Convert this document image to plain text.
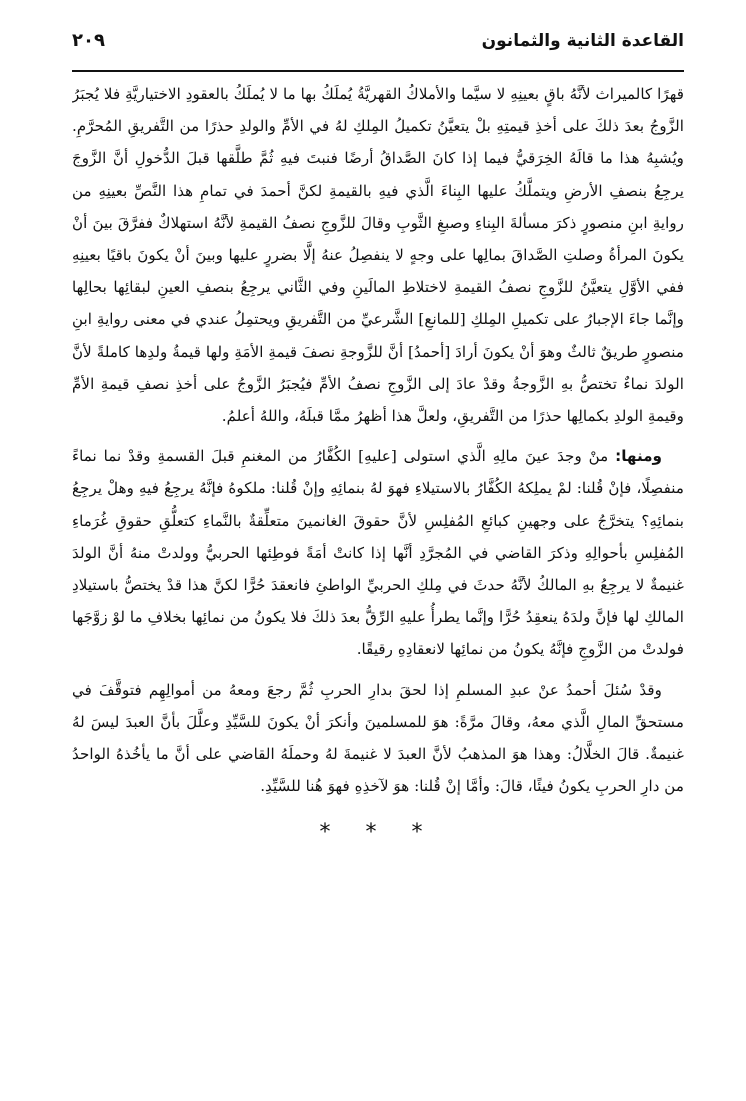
القاعدة الثانية والثمانون
٢٠٩

قهرًا كالميراث لأنَّهُ باقٍ بعينِهِ لا سيَّما والأملاكُ القهريَّةُ يُملَكُ بها ما لا يُملَكُ بالعقودِ الاختياريَّةِ فلا يُجبَرُ الزَّوجُ بعدَ ذلكَ على أخذِ قيمتِهِ بلْ يتعيَّنُ تكميلُ المِلكِ لهُ في الأمِّ والولدِ حذرًا من التَّفريقِ المُحرَّمِ. ويُشبِهُ هذا ما قالَهُ الخِرَقيُّ فيما إذا كانَ الصَّداقُ أرضًا فنبتَ فيهِ ثُمَّ طلَّقها قبلَ الدُّخولِ أنَّ الزَّوجَ يرجِعُ بنصفِ الأرضِ ويتملَّكُ عليها البِناءَ الَّذي فيهِ بالقيمةِ لكنَّ أحمدَ في تمامِ هذا النَّصِّ بعينِهِ من روايةِ ابنِ منصورٍ ذكرَ مسألةَ البِناءِ وصبغِ الثَّوبِ وقالَ للزَّوجِ نصفُ القيمةِ لأنَّهُ استهلاكٌ ففرَّقَ بينَ أنْ يكونَ المرأةُ وصلتِ الصَّداقَ بمالِها على وجهٍ لا ينفصِلُ عنهُ إلَّا بضررٍ عليها وبينَ أنْ يكونَ باقيًا بعينِهِ ففي الأوَّلِ يتعيَّنُ للزَّوجِ نصفُ القيمةِ لاختلاطِ المالَينِ وفي الثَّاني يرجِعُ بنصفِ العينِ لبقائِها بحالِها وإنَّما جاءَ الإجبارُ على تكميلِ المِلكِ [للمانعِ] الشَّرعيِّ من التَّفريقِ ويحتمِلُ عندي في معنى روايةِ ابنِ منصورٍ طريقٌ ثالثٌ وهوَ أنْ يكونَ أرادَ [أحمدُ] أنَّ للزَّوجةِ نصفَ قيمةِ الأمَةِ ولها قيمةُ ولدِها كاملةً لأنَّ الولدَ نماءٌ تختصُّ بهِ الزَّوجةُ وقدْ عادَ إلى الزَّوجِ نصفُ الأمِّ فيُجبَرُ الزَّوجُ على أخذِ نصفِ قيمةِ الأمِّ وقيمةِ الولدِ بكمالِها حذرًا من التَّفريقِ، ولعلَّ هذا أظهرُ ممَّا قبلَهُ، واللهُ أعلمُ.

ومنها: منْ وجدَ عينَ مالِهِ الَّذي استولى [عليهِ] الكُفَّارُ من المغنمِ قبلَ القسمةِ وقدْ نما نماءً منفصِلًا، فإنْ قُلنا: لمْ يملِكهُ الكُفَّارُ بالاستيلاءِ فهوَ لهُ بنمائِهِ وإنْ قُلنا: ملكوهُ فإنَّهُ يرجِعُ فيهِ وهلْ يرجِعُ بنمائِهِ؟ يتخرَّجُ على وجهينِ كبائعِ المُفلِسِ لأنَّ حقوقَ الغانمينَ متعلِّقةٌ بالنَّماءِ كتعلُّقِ حقوقِ غُرَماءِ المُفلِسِ بأحوالِهِ وذكرَ القاضي في المُجرَّدِ أنَّها إذا كانتْ أمَةً فوطِئها الحربيُّ وولدتْ منهُ أنَّ الولدَ غنيمةٌ لا يرجِعُ بهِ المالكُ لأنَّهُ حدثَ في مِلكِ الحربيِّ الواطئِ فانعقدَ حُرًّا لكنَّ هذا قدْ يختصُّ باستيلادِ المالكِ لها فإنَّ ولدَهُ ينعقِدُ حُرًّا وإنَّما يطرأُ عليهِ الرِّقُّ بعدَ ذلكَ فلا يكونُ من نمائِها بخلافِ ما لوْ زوَّجَها فولدتْ من الزَّوجِ فإنَّهُ يكونُ من نمائِها لانعقادِهِ رقيقًا.

وقدْ سُئلَ أحمدُ عنْ عبدِ المسلمِ إذا لحقَ بدارِ الحربِ ثُمَّ رجعَ ومعهُ من أموالِهِم فتوقَّفَ في مستحقِّ المالِ الَّذي معهُ، وقالَ مرَّةً: هوَ للمسلمينَ وأنكرَ أنْ يكونَ للسَّيِّدِ وعلَّلَ بأنَّ العبدَ ليسَ لهُ غنيمةٌ. قالَ الخلَّالُ: وهذا هوَ المذهبُ لأنَّ العبدَ لا غنيمةَ لهُ وحملَهُ القاضي على أنَّ ما يأخُذهُ الواحدُ من دارِ الحربِ يكونُ فيئًا، قالَ: وأمَّا إنْ قُلنا: هوَ لآخذِهِ فهوَ هُنا للسَّيِّدِ.

* * *
